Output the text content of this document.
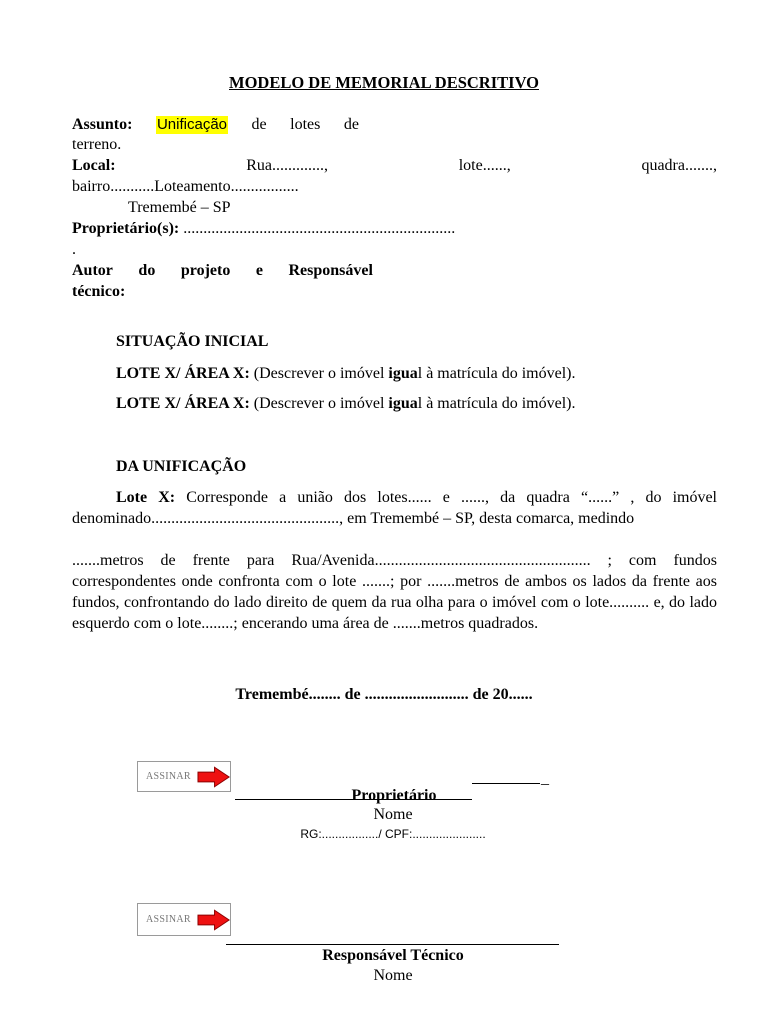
MODELO DE MEMORIAL DESCRITIVO
Assunto: Unificação de lotes de
terreno.
Local:	Rua.............,	lote......,	quadra.......,
bairro...........Loteamento.................
Tremembé – SP
Proprietário(s): ....................................................................
.
Autor do projeto e Responsável
técnico:
SITUAÇÃO INICIAL
LOTE X/ ÁREA X: (Descrever o imóvel igual à matrícula do imóvel).
LOTE X/ ÁREA X: (Descrever o imóvel igual à matrícula do imóvel).
DA UNIFICAÇÃO
Lote X: Corresponde a união dos lotes...... e ......, da quadra “......” , do imóvel denominado..............................................., em Tremembé – SP, desta comarca, medindo
.......metros de frente para Rua/Avenida...................................................... ; com fundos correspondentes onde confronta com o lote .......; por .......metros de ambos os lados da frente aos fundos, confrontando do lado direito de quem da rua olha para o imóvel com o lote.......... e, do lado esquerdo com o lote........; encerando uma área de .......metros quadrados.
Tremembé........ de .......................... de 20......
ASSINAR	_
Proprietário
Nome
RG:................./ CPF:......................
ASSINAR
Responsável Técnico
Nome
